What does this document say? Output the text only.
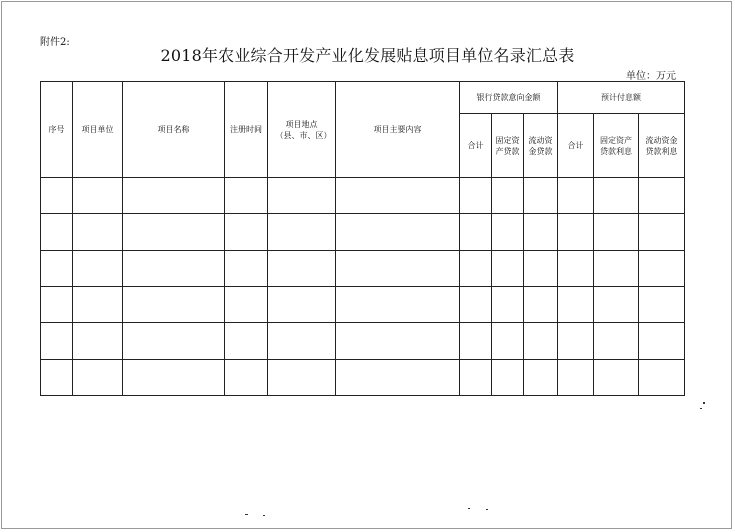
附件2:
2018年农业综合开发产业化发展贴息项目单位名录汇总表
单位：万元
序号	项目单位	项目名称	注册时间	项目地点（县、市、区）	项目主要内容	银行贷款意向金额			预计付息额		
						合计	固定资产贷款	流动资金贷款	合计	固定资产贷款利息	流动资金贷款利息
